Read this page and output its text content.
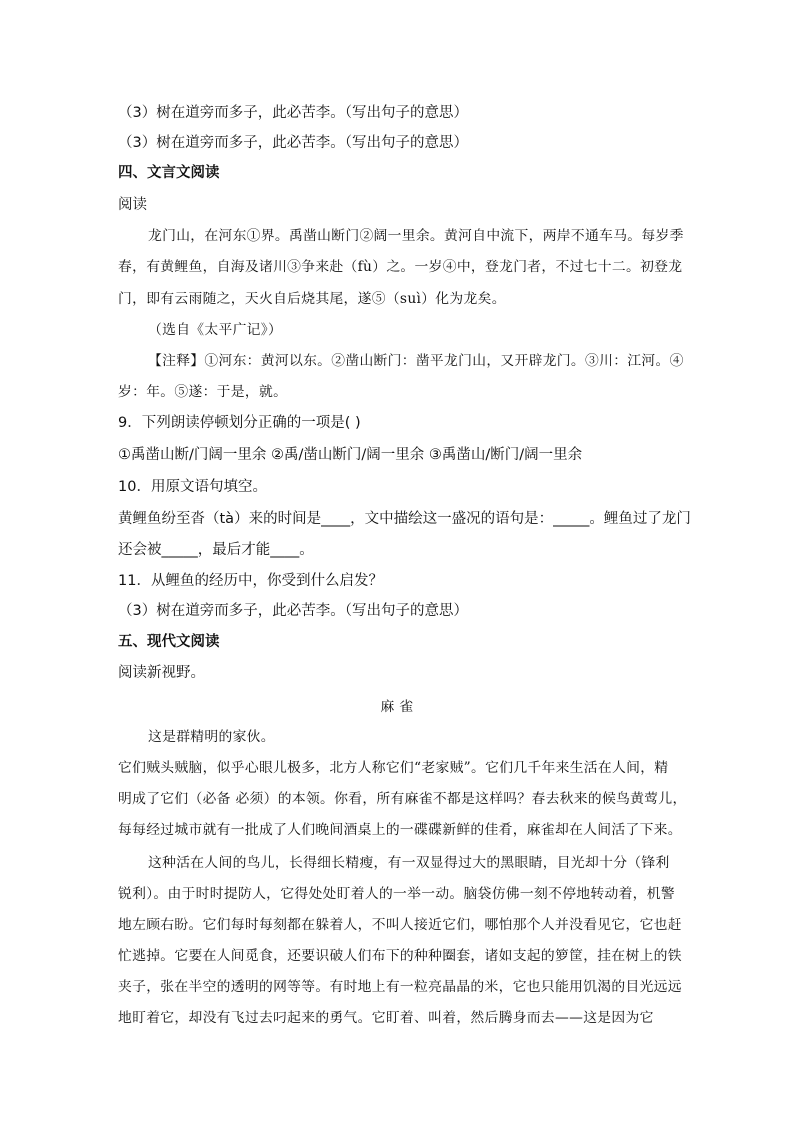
（3）树在道旁而多子，此必苦李。（写出句子的意思）
（3）树在道旁而多子，此必苦李。（写出句子的意思）
四、文言文阅读
阅读
龙门山，在河东①界。禹凿山断门②阔一里余。黄河自中流下，两岸不通车马。每岁季
春，有黄鲤鱼，自海及诸川③争来赴（fù）之。一岁④中，登龙门者，不过七十二。初登龙
门，即有云雨随之，天火自后烧其尾，遂⑤（suì）化为龙矣。
（选自《太平广记》）
【注释】①河东：黄河以东。②凿山断门：凿平龙门山，又开辟龙门。③川：江河。④
岁：年。⑤遂：于是，就。
9．下列朗读停顿划分正确的一项是( )
①禹凿山断/门阔一里余 ②禹/凿山断门/阔一里余 ③禹凿山/断门/阔一里余
10．用原文语句填空。
黄鲤鱼纷至沓（tà）来的时间是____，文中描绘这一盛况的语句是：_____。鲤鱼过了龙门
还会被_____，最后才能____。
11．从鲤鱼的经历中，你受到什么启发？
（3）树在道旁而多子，此必苦李。（写出句子的意思）
五、现代文阅读
阅读新视野。
麻 雀
这是群精明的家伙。
它们贼头贼脑，似乎心眼儿极多，北方人称它们“老家贼”。它们几千年来生活在人间，精
明成了它们（必备 必须）的本领。你看，所有麻雀不都是这样吗？春去秋来的候鸟黄莺儿，
每每经过城市就有一批成了人们晚间酒桌上的一碟碟新鲜的佳肴，麻雀却在人间活了下来。
这种活在人间的鸟儿，长得细长精瘦，有一双显得过大的黑眼睛，目光却十分（锋利
锐利）。由于时时提防人，它得处处盯着人的一举一动。脑袋仿佛一刻不停地转动着，机警
地左顾右盼。它们每时每刻都在躲着人，不叫人接近它们，哪怕那个人并没看见它，它也赶
忙逃掉。它要在人间觅食，还要识破人们布下的种种圈套，诸如支起的箩筐，挂在树上的铁
夹子，张在半空的透明的网等等。有时地上有一粒亮晶晶的米，它也只能用饥渴的目光远远
地盯着它，却没有飞过去叼起来的勇气。它盯着、叫着，然后腾身而去——这是因为它
